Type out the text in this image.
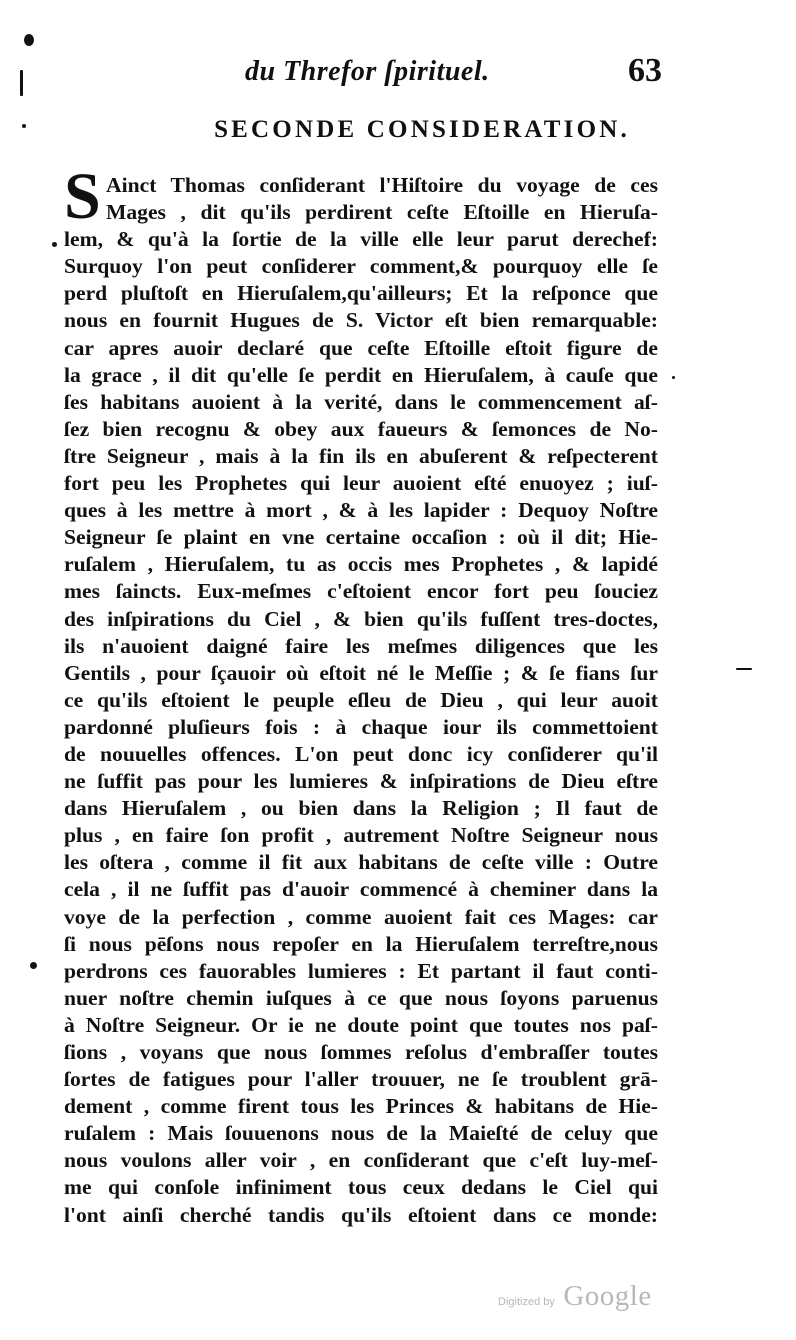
du Threfor ſpirituel.	63
SECONDE CONSIDERATION.
S Ainct Thomas conſiderant l'Hiſtoire du voyage de ces
Mages , dit qu'ils perdirent ceſte Eſtoille en Hieruſa-
lem, & qu'à la ſortie de la ville elle leur parut derechef:
Surquoy l'on peut conſiderer comment,& pourquoy elle ſe
perd pluſtoſt en Hieruſalem,qu'ailleurs; Et la reſponce que
nous en fournit Hugues de S. Victor eſt bien remarquable:
car apres auoir declaré que ceſte Eſtoille eſtoit figure de
la grace , il dit qu'elle ſe perdit en Hieruſalem, à cauſe que
ſes habitans auoient à la verité, dans le commencement aſ-
ſez bien recognu & obey aux faueurs & ſemonces de No-
ſtre Seigneur , mais à la fin ils en abuſerent & reſpecterent
fort peu les Prophetes qui leur auoient eſté enuoyez ; iuſ-
ques à les mettre à mort , & à les lapider : Dequoy Noſtre
Seigneur ſe plaint en vne certaine occaſion : où il dit; Hie-
ruſalem , Hieruſalem, tu as occis mes Prophetes , & lapidé
mes ſaincts. Eux-meſmes c'eſtoient encor fort peu ſouciez
des inſpirations du Ciel , & bien qu'ils fuſſent tres-doctes,
ils n'auoient daigné faire les meſmes diligences que les
Gentils , pour ſçauoir où eſtoit né le Meſſie ; & ſe fians ſur
ce qu'ils eſtoient le peuple eſleu de Dieu , qui leur auoit
pardonné pluſieurs fois : à chaque iour ils commettoient
de nouuelles offences. L'on peut donc icy conſiderer qu'il
ne ſuffit pas pour les lumieres & inſpirations de Dieu eſtre
dans Hieruſalem , ou bien dans la Religion ; Il faut de
plus , en faire ſon profit , autrement Noſtre Seigneur nous
les oſtera , comme il fit aux habitans de ceſte ville : Outre
cela , il ne ſuffit pas d'auoir commencé à cheminer dans la
voye de la perfection , comme auoient fait ces Mages: car
ſi nous pēſons nous repoſer en la Hieruſalem terreſtre,nous
perdrons ces fauorables lumieres : Et partant il faut conti-
nuer noſtre chemin iuſques à ce que nous ſoyons paruenus
à Noſtre Seigneur. Or ie ne doute point que toutes nos paſ-
ſions , voyans que nous ſommes reſolus d'embraſſer toutes
ſortes de fatigues pour l'aller trouuer, ne ſe troublent grā-
dement , comme firent tous les Princes & habitans de Hie-
ruſalem : Mais ſouuenons nous de la Maieſté de celuy que
nous voulons aller voir , en conſiderant que c'eſt luy-meſ-
me qui conſole infiniment tous ceux dedans le Ciel qui
l'ont ainſi cherché tandis qu'ils eſtoient dans ce monde:
Digitized by Google
